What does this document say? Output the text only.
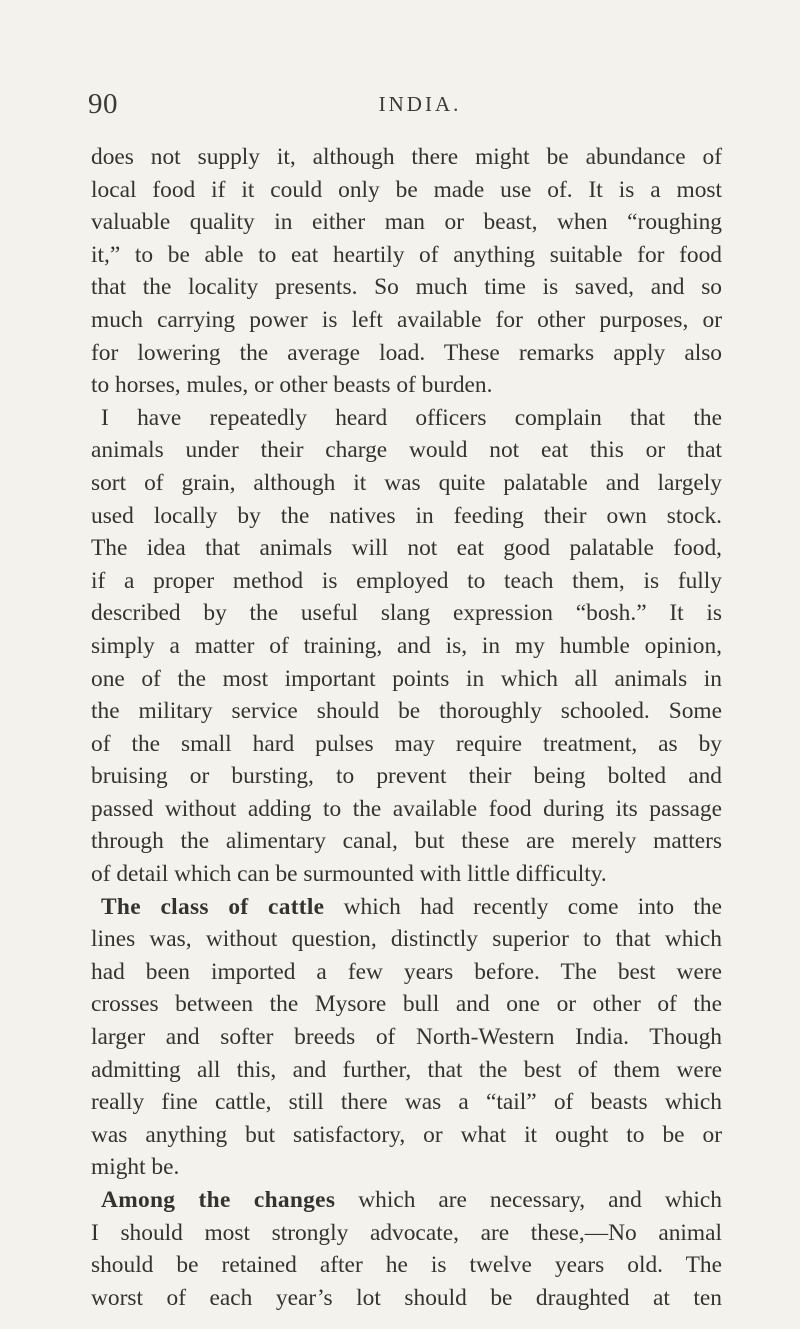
90	INDIA.
does not supply it, although there might be abundance of
local food if it could only be made use of. It is a most
valuable quality in either man or beast, when “roughing
it,” to be able to eat heartily of anything suitable for food
that the locality presents. So much time is saved, and so
much carrying power is left available for other purposes, or
for lowering the average load. These remarks apply also
to horses, mules, or other beasts of burden.
I have repeatedly heard officers complain that the
animals under their charge would not eat this or that
sort of grain, although it was quite palatable and largely
used locally by the natives in feeding their own stock.
The idea that animals will not eat good palatable food,
if a proper method is employed to teach them, is fully
described by the useful slang expression “bosh.” It is
simply a matter of training, and is, in my humble opinion,
one of the most important points in which all animals in
the military service should be thoroughly schooled. Some
of the small hard pulses may require treatment, as by
bruising or bursting, to prevent their being bolted and
passed without adding to the available food during its passage
through the alimentary canal, but these are merely matters
of detail which can be surmounted with little difficulty.
The class of cattle which had recently come into the
lines was, without question, distinctly superior to that which
had been imported a few years before. The best were
crosses between the Mysore bull and one or other of the
larger and softer breeds of North-Western India. Though
admitting all this, and further, that the best of them were
really fine cattle, still there was a “tail” of beasts which
was anything but satisfactory, or what it ought to be or
might be.
Among the changes which are necessary, and which
I should most strongly advocate, are these,—No animal
should be retained after he is twelve years old. The
worst of each year’s lot should be draughted at ten
